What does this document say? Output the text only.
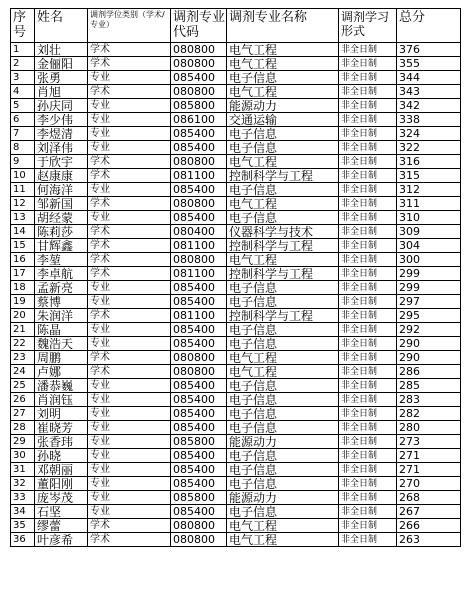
序号	姓名	调剂学位类别（学术/专业）	调剂专业代码	调剂专业名称	调剂学习形式	总分
1	刘壮	学术	080800	电气工程	非全日制	376
2	金俪阳	学术	080800	电气工程	非全日制	355
3	张勇	专业	085400	电子信息	非全日制	344
4	肖旭	学术	080800	电气工程	非全日制	343
5	孙庆同	专业	085800	能源动力	非全日制	342
6	李少伟	专业	086100	交通运输	非全日制	338
7	李煜清	专业	085400	电子信息	非全日制	324
8	刘泽伟	专业	085400	电子信息	非全日制	322
9	于欣宇	学术	080800	电气工程	非全日制	316
10	赵康康	学术	081100	控制科学与工程	非全日制	315
11	何海洋	专业	085400	电子信息	非全日制	312
12	邹新国	学术	080800	电气工程	非全日制	311
13	胡经蒙	专业	085400	电子信息	非全日制	310
14	陈莉莎	学术	080400	仪器科学与技术	非全日制	309
15	甘辉鑫	学术	081100	控制科学与工程	非全日制	304
16	李堃	学术	080800	电气工程	非全日制	300
17	李卓航	学术	081100	控制科学与工程	非全日制	299
18	孟新亮	专业	085400	电子信息	非全日制	299
19	蔡博	专业	085400	电子信息	非全日制	297
20	朱润洋	学术	081100	控制科学与工程	非全日制	295
21	陈晶	专业	085400	电子信息	非全日制	292
22	魏浩天	专业	085400	电子信息	非全日制	290
23	周鹏	学术	080800	电气工程	非全日制	290
24	卢娜	学术	080800	电气工程	非全日制	286
25	潘恭巍	专业	085400	电子信息	非全日制	285
26	肖润钰	专业	085400	电子信息	非全日制	283
27	刘明	专业	085400	电子信息	非全日制	282
28	崔晓芳	专业	085400	电子信息	非全日制	280
29	张香玮	专业	085800	能源动力	非全日制	273
30	孙晓	专业	085400	电子信息	非全日制	271
31	邓朝丽	专业	085400	电子信息	非全日制	271
32	董阳刚	专业	085400	电子信息	非全日制	270
33	庞岑茂	专业	085800	能源动力	非全日制	268
34	石坚	专业	085400	电子信息	非全日制	267
35	缪蕾	学术	080800	电气工程	非全日制	266
36	叶彦希	学术	080800	电气工程	非全日制	263
